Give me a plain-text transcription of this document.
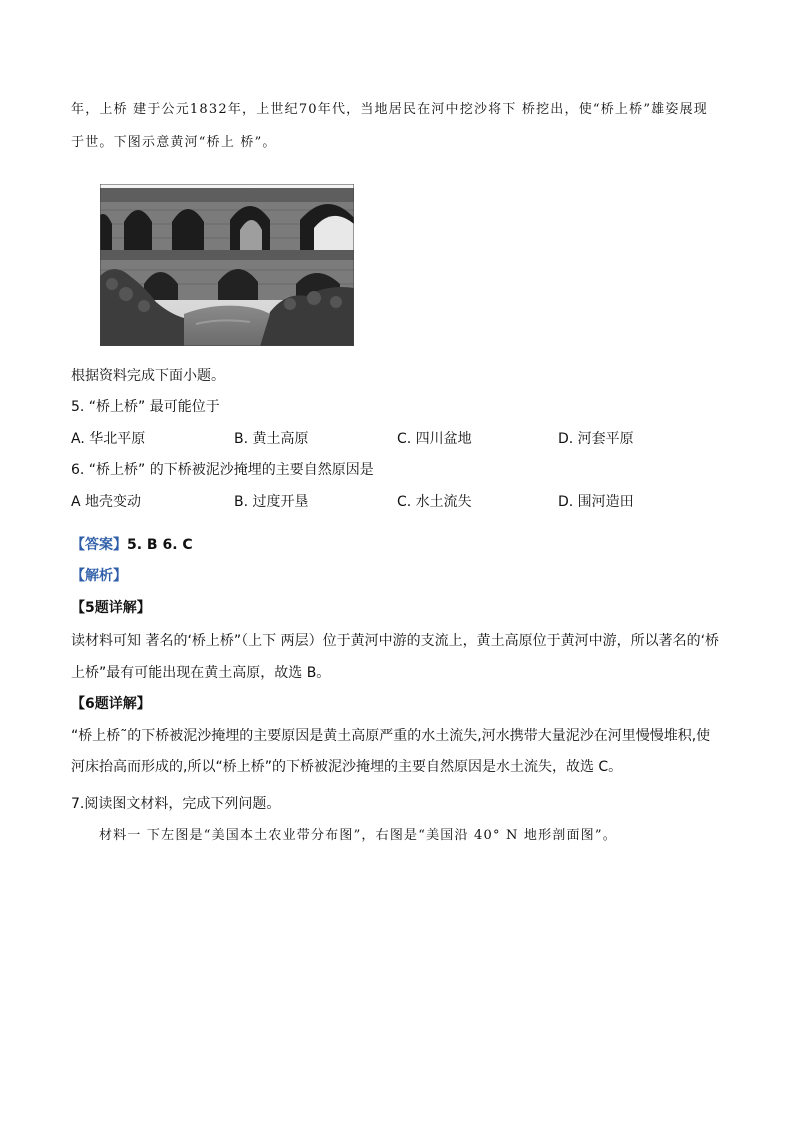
年，上桥 建于公元1832年，上世纪70年代，当地居民在河中挖沙将下 桥挖出，使“桥上桥”雄姿展现
于世。下图示意黄河“桥上 桥”。
根据资料完成下面小题。
5. “桥上桥” 最可能位于
A. 华北平原	B. 黄土高原	C. 四川盆地	D. 河套平原
6. “桥上桥” 的下桥被泥沙掩埋的主要自然原因是
A 地壳变动	B. 过度开垦	C. 水土流失	D. 围河造田
【答案】5. B 6. C
【解析】
【5题详解】
读材料可知 著名的‘桥上桥”（上下 两层）位于黄河中游的支流上，黄土高原位于黄河中游，所以著名的‘桥
上桥”最有可能出现在黄土高原，故选 B。
【6题详解】
“桥上桥˜的下桥被泥沙掩埋的主要原因是黄土高原严重的水土流失,河水携带大量泥沙在河里慢慢堆积,使
河床抬高而形成的,所以“桥上桥”的下桥被泥沙掩埋的主要自然原因是水土流失，故选 C。
7.阅读图文材料，完成下列问题。
材料一 下左图是“美国本土农业带分布图”，右图是“美国沿 40° N 地形剖面图”。
